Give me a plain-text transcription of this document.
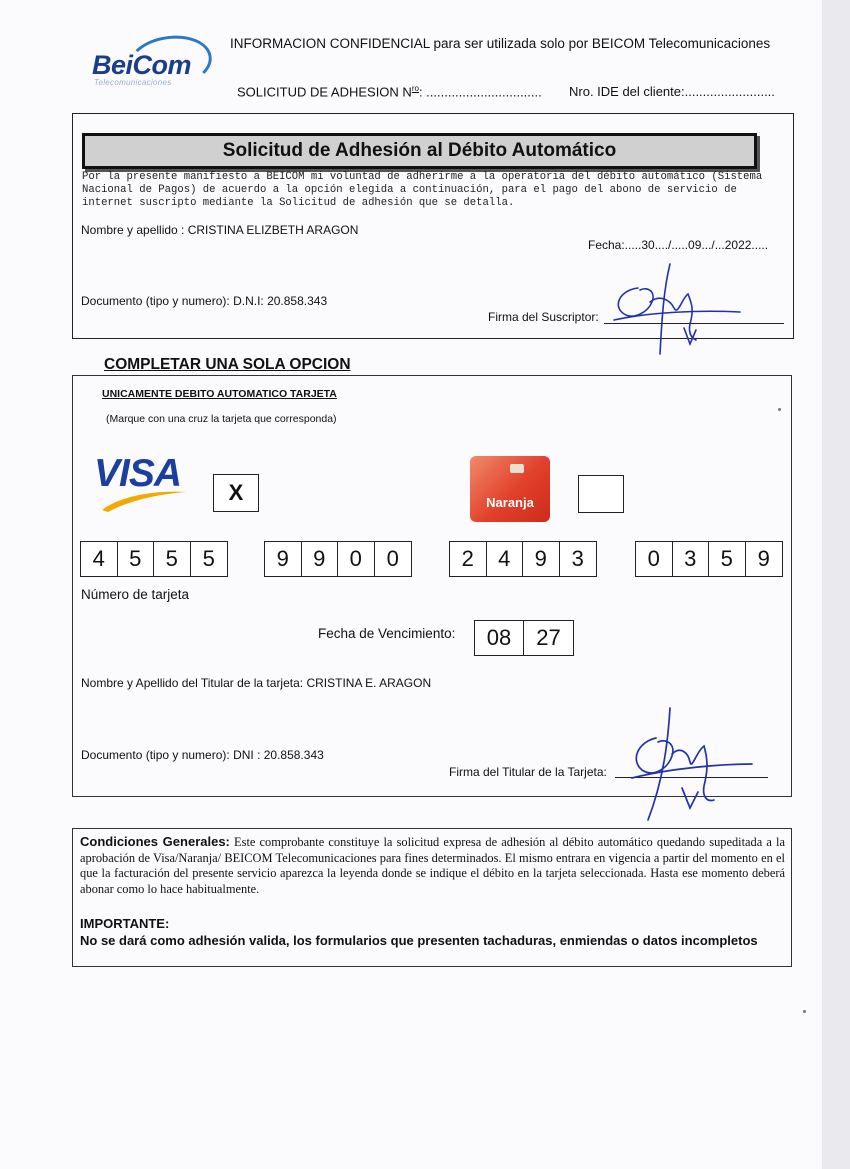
BeiCom
Telecomunicaciones
INFORMACION CONFIDENCIAL para ser utilizada solo por BEICOM Telecomunicaciones
SOLICITUD DE ADHESION $N^{ro}$: ................................ Nro. IDE del cliente:.........................
Solicitud de Adhesión al Débito Automático
Por la presente manifiesto a BEICOM mi voluntad de adherirme a la operatoria del débito automático (Sistema Nacional de Pagos) de acuerdo a la opción elegida a continuación, para el pago del abono de servicio de internet suscripto mediante la Solicitud de adhesión que se detalla.
Nombre y apellido : CRISTINA ELIZBETH ARAGON
Fecha:.....30..../.....09.../...2022.....
Documento (tipo y numero): D.N.I: 20.858.343
Firma del Suscriptor:
COMPLETAR UNA SOLA OPCION
UNICAMENTE DEBITO AUTOMATICO TARJETA
(Marque con una cruz la tarjeta que corresponda)
VISA	X	Naranja
4	5	5	5	9	9	0	0	2	4	9	3	0	3	5	9
Número de tarjeta
Fecha de Vencimiento:	08	27
Nombre y Apellido del Titular de la tarjeta: CRISTINA E. ARAGON
Documento (tipo y numero): DNI : 20.858.343
Firma del Titular de la Tarjeta:
Condiciones Generales: Este comprobante constituye la solicitud expresa de adhesión al débito automático quedando supeditada a la aprobación de Visa/Naranja/ BEICOM Telecomunicaciones para fines determinados. El mismo entrara en vigencia a partir del momento en el que la facturación del presente servicio aparezca la leyenda donde se indique el débito en la tarjeta seleccionada. Hasta ese momento deberá abonar como lo hace habitualmente.
IMPORTANTE:
No se dará como adhesión valida, los formularios que presenten tachaduras, enmiendas o datos incompletos
